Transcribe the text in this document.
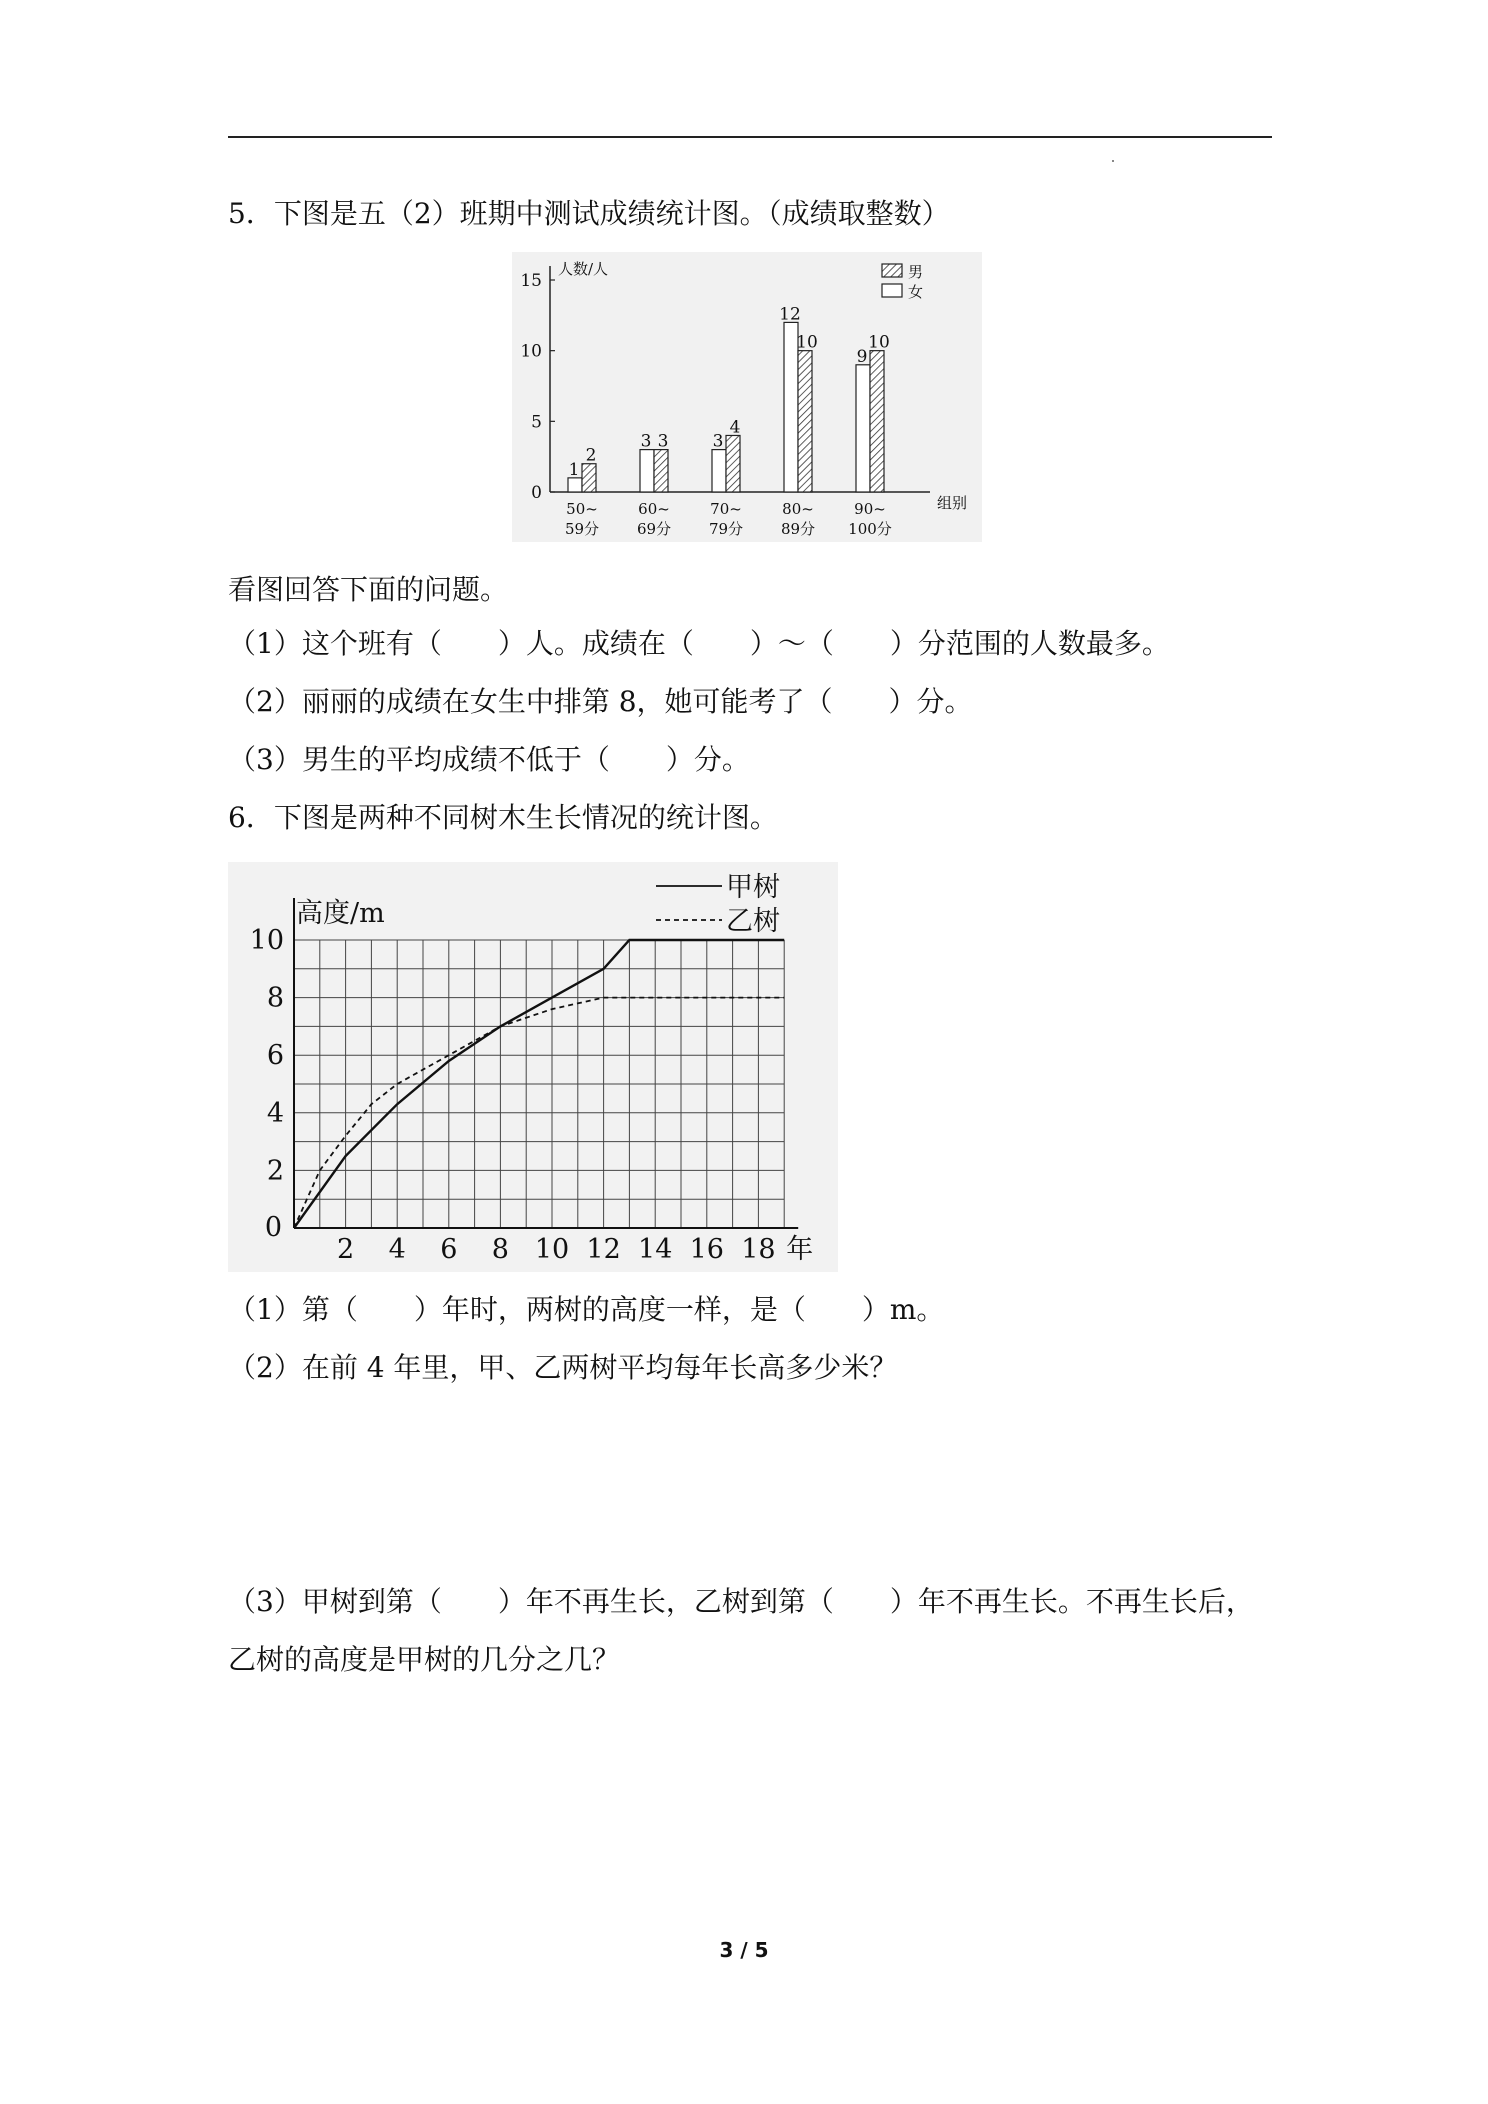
5．下图是五（2）班期中测试成绩统计图。（成绩取整数）
0
5
10
15
人数/人
组别
1
2
50~
59分
3 3
60~
69分
3
4
70~
79分
12
10
80~
89分
9
10
90~
100分
男
女
看图回答下面的问题。
（1）这个班有（　　）人。成绩在（　　）～（　　）分范围的人数最多。
（2）丽丽的成绩在女生中排第 8，她可能考了（　　）分。
（3）男生的平均成绩不低于（　　）分。
6．下图是两种不同树木生长情况的统计图。
2
4
6
8
10
0
2 4 6 8 10 12 14 16 18 年
高度/m
甲树
乙树
（1）第（　　）年时，两树的高度一样，是（　　）m。
（2）在前 4 年里，甲、乙两树平均每年长高多少米？
（3）甲树到第（　　）年不再生长，乙树到第（　　）年不再生长。不再生长后，
乙树的高度是甲树的几分之几？
3 / 5
